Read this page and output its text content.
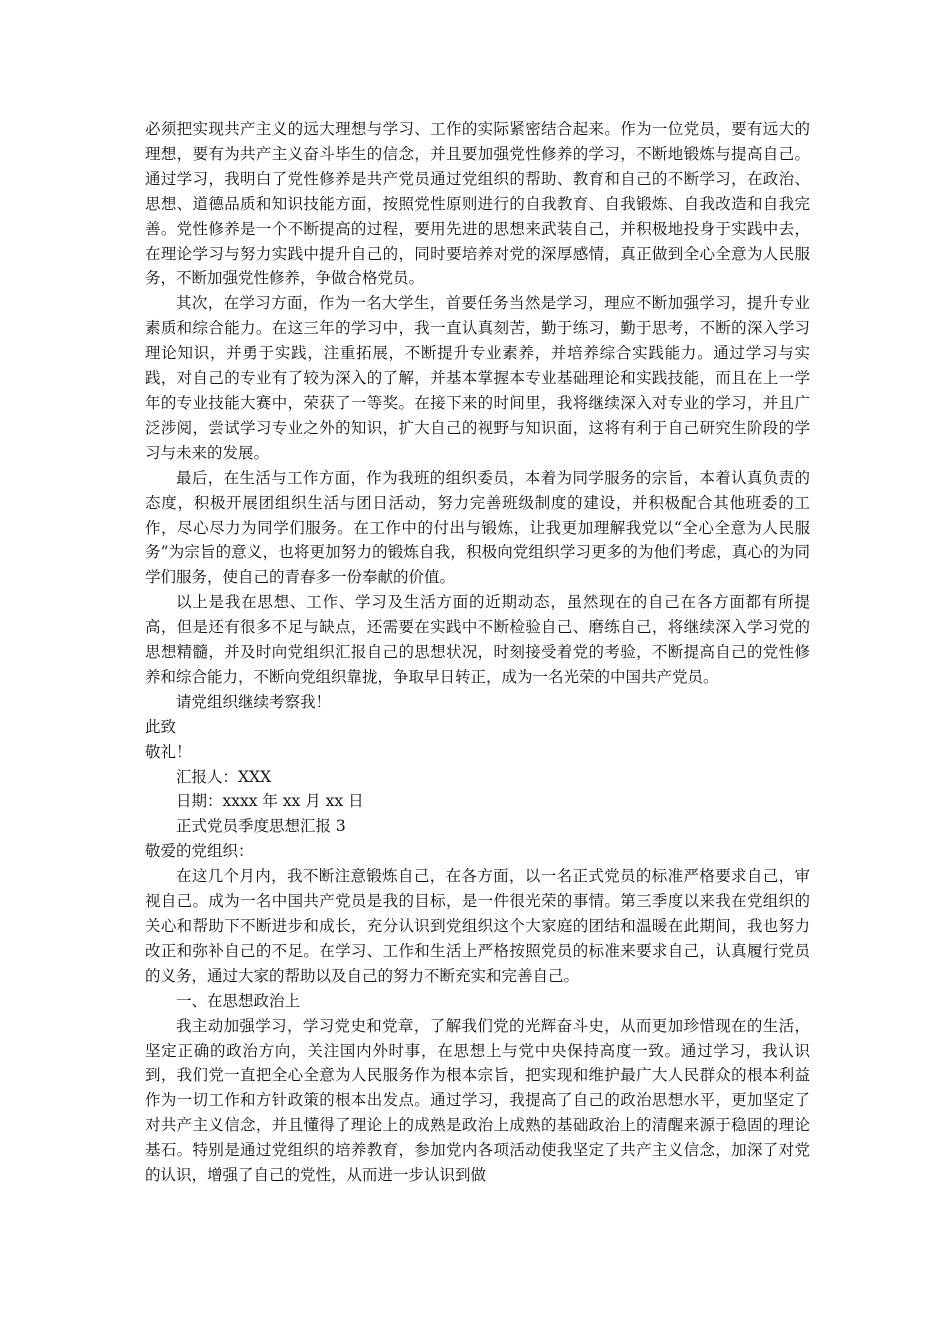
必须把实现共产主义的远大理想与学习、工作的实际紧密结合起来。作为一位党员，要有远大的理想，要有为共产主义奋斗毕生的信念，并且要加强党性修养的学习，不断地锻炼与提高自己。通过学习，我明白了党性修养是共产党员通过党组织的帮助、教育和自己的不断学习，在政治、思想、道德品质和知识技能方面，按照党性原则进行的自我教育、自我锻炼、自我改造和自我完善。党性修养是一个不断提高的过程，要用先进的思想来武装自己，并积极地投身于实践中去，在理论学习与努力实践中提升自己的，同时要培养对党的深厚感情，真正做到全心全意为人民服务，不断加强党性修养，争做合格党员。

其次，在学习方面，作为一名大学生，首要任务当然是学习，理应不断加强学习，提升专业素质和综合能力。在这三年的学习中，我一直认真刻苦，勤于练习，勤于思考，不断的深入学习理论知识，并勇于实践，注重拓展，不断提升专业素养，并培养综合实践能力。通过学习与实践，对自己的专业有了较为深入的了解，并基本掌握本专业基础理论和实践技能，而且在上一学年的专业技能大赛中，荣获了一等奖。在接下来的时间里，我将继续深入对专业的学习，并且广泛涉阅，尝试学习专业之外的知识，扩大自己的视野与知识面，这将有利于自己研究生阶段的学习与未来的发展。

最后，在生活与工作方面，作为我班的组织委员，本着为同学服务的宗旨，本着认真负责的态度，积极开展团组织生活与团日活动，努力完善班级制度的建设，并积极配合其他班委的工作，尽心尽力为同学们服务。在工作中的付出与锻炼，让我更加理解我党以“全心全意为人民服务”为宗旨的意义，也将更加努力的锻炼自我，积极向党组织学习更多的为他们考虑，真心的为同学们服务，使自己的青春多一份奉献的价值。

以上是我在思想、工作、学习及生活方面的近期动态，虽然现在的自己在各方面都有所提高，但是还有很多不足与缺点，还需要在实践中不断检验自己、磨练自己，将继续深入学习党的思想精髓，并及时向党组织汇报自己的思想状况，时刻接受着党的考验，不断提高自己的党性修养和综合能力，不断向党组织靠拢，争取早日转正，成为一名光荣的中国共产党员。

请党组织继续考察我！

此致

敬礼！

汇报人：XXX

日期：xxxx 年 xx 月 xx 日

正式党员季度思想汇报 3

敬爱的党组织：

在这几个月内，我不断注意锻炼自己，在各方面，以一名正式党员的标准严格要求自己，审视自己。成为一名中国共产党员是我的目标，是一件很光荣的事情。第三季度以来我在党组织的关心和帮助下不断进步和成长，充分认识到党组织这个大家庭的团结和温暖在此期间，我也努力改正和弥补自己的不足。在学习、工作和生活上严格按照党员的标准来要求自己，认真履行党员的义务，通过大家的帮助以及自己的努力不断充实和完善自己。

一、在思想政治上

我主动加强学习，学习党史和党章，了解我们党的光辉奋斗史，从而更加珍惜现在的生活，坚定正确的政治方向，关注国内外时事，在思想上与党中央保持高度一致。通过学习，我认识到，我们党一直把全心全意为人民服务作为根本宗旨，把实现和维护最广大人民群众的根本利益作为一切工作和方针政策的根本出发点。通过学习，我提高了自己的政治思想水平，更加坚定了对共产主义信念，并且懂得了理论上的成熟是政治上成熟的基础政治上的清醒来源于稳固的理论基石。特别是通过党组织的培养教育，参加党内各项活动使我坚定了共产主义信念，加深了对党的认识，增强了自己的党性，从而进一步认识到做
